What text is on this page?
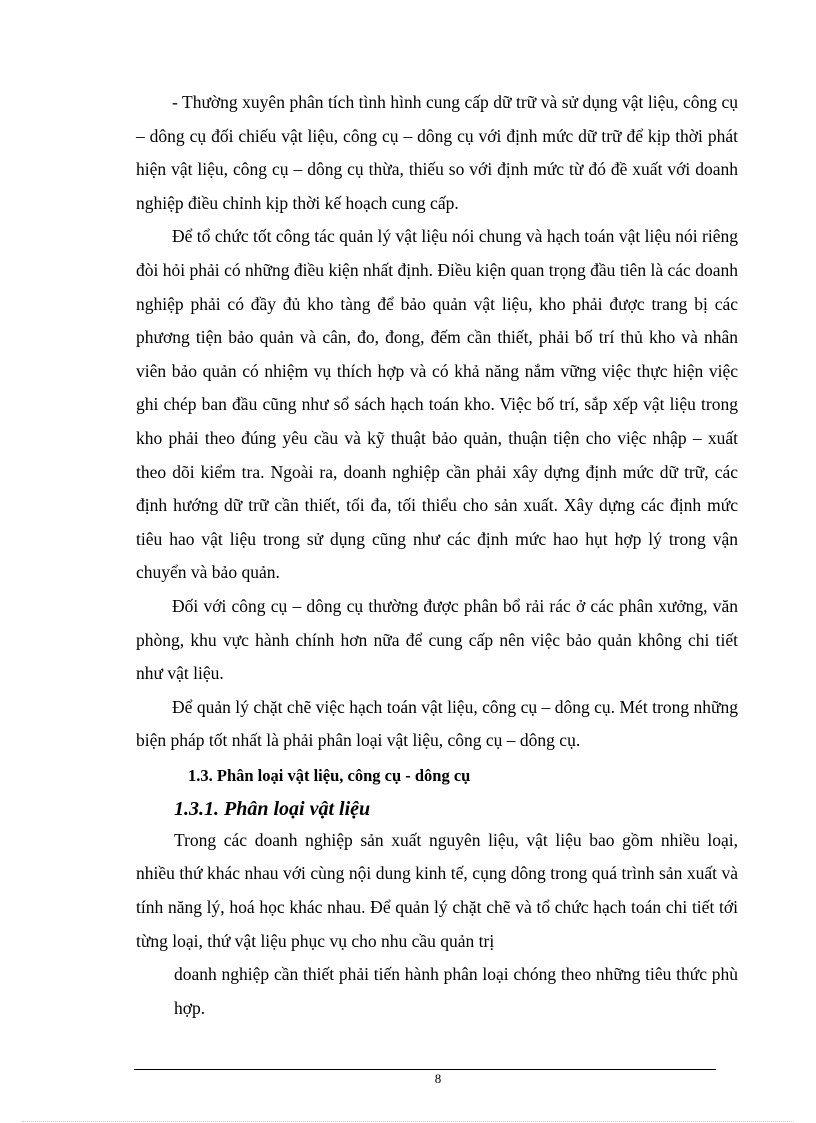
- Thường xuyên phân tích tình hình cung cấp dữ trữ và sử dụng vật liệu, công cụ – dông cụ đối chiếu vật liệu, công cụ – dông cụ với định mức dữ trữ để kịp thời phát hiện vật liệu, công cụ – dông cụ thừa, thiếu so với định mức từ đó đề xuất với doanh nghiệp điều chỉnh kịp thời kế hoạch cung cấp.

Để tổ chức tốt công tác quản lý vật liệu nói chung và hạch toán vật liệu nói riêng đòi hỏi phải có những điều kiện nhất định. Điều kiện quan trọng đầu tiên là các doanh nghiệp phải có đầy đủ kho tàng để bảo quản vật liệu, kho phải được trang bị các phương tiện bảo quản và cân, đo, đong, đếm cần thiết, phải bố trí thủ kho và nhân viên bảo quản có nhiệm vụ thích hợp và có khả năng nắm vững việc thực hiện việc ghi chép ban đầu cũng như sổ sách hạch toán kho. Việc bố trí, sắp xếp vật liệu trong kho phải theo đúng yêu cầu và kỹ thuật bảo quản, thuận tiện cho việc nhập – xuất theo dõi kiểm tra. Ngoài ra, doanh nghiệp cần phải xây dựng định mức dữ trữ, các định hướng dữ trữ cần thiết, tối đa, tối thiểu cho sản xuất. Xây dựng các định mức tiêu hao vật liệu trong sử dụng cũng như các định mức hao hụt hợp lý trong vận chuyển và bảo quản.

Đối với công cụ – dông cụ thường được phân bổ rải rác ở các phân xưởng, văn phòng, khu vực hành chính hơn nữa để cung cấp nên việc bảo quản không chi tiết như vật liệu.

Để quản lý chặt chẽ việc hạch toán vật liệu, công cụ – dông cụ. Mét trong những biện pháp tốt nhất là phải phân loại vật liệu, công cụ – dông cụ.

1.3. Phân loại vật liệu, công cụ - dông cụ

1.3.1. Phân loại vật liệu

Trong các doanh nghiệp sản xuất nguyên liệu, vật liệu bao gồm nhiều loại, nhiều thứ khác nhau với cùng nội dung kinh tế, cụng dông trong quá trình sản xuất và tính năng lý, hoá học khác nhau. Để quản lý chặt chẽ và tổ chức hạch toán chi tiết tới từng loại, thứ vật liệu phục vụ cho nhu cầu quản trị

doanh nghiệp cần thiết phải tiến hành phân loại chóng theo những tiêu thức phù hợp.

8
